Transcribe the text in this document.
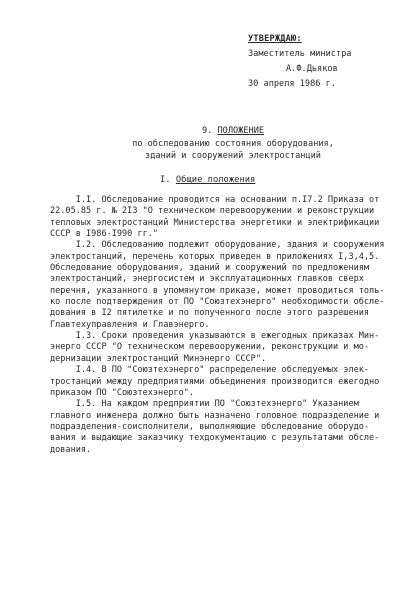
УТВЕРЖДАЮ:
Заместитель министра
А.Ф.Дьяков
30 апреля 1986 г.
9. ПОЛОЖЕНИЕ
по обследованию состояния оборудования,
зданий и сооружений электростанций
I. Общие положения
I.I. Обследование проводится на основании п.I7.2 Приказа от
22.05.85 г. № 2I3 "О техническом перевооружении и реконструкции
тепловых электростанций Министерства энергетики и электрификации
СССР в I986-I990 гг."
I.2. Обследованию подлежит оборудование, здания и сооружения
электростанций, перечень которых приведен в приложениях I,3,4,5.
Обследование оборудования, зданий и сооружений по предложениям
электростанций, энергосистем и эксплуатационных главков сверх
перечня, указанного в упомянутом приказе, может проводиться толь-
ко после подтверждения от ПО "Союзтехэнерго" необходимости обсле-
дования в I2 пятилетке и по полученного после этого разрешения
Главтехуправления и Главэнерго.
I.3. Сроки проведения указываются в ежегодных приказах Мин-
энерго СССР "О техническом перевооружении, реконструкции и мо-
дернизации электростанций Минэнерго СССР".
I.4. В ПО "Союзтехэнерго" распределение обследуемых элек-
тростанций между предприятиями объединения производится ежегодно
приказом ПО "Союзтехэнерго".
I.5. На каждом предприятии ПО "Союзтехэнерго" Указанием
главного инженера должно быть назначено головное подразделение и
подразделения-соисполнители, выполняющие обследование оборудо-
вания и выдающие заказчику техдокументацию с результатами обсле-
дования.
